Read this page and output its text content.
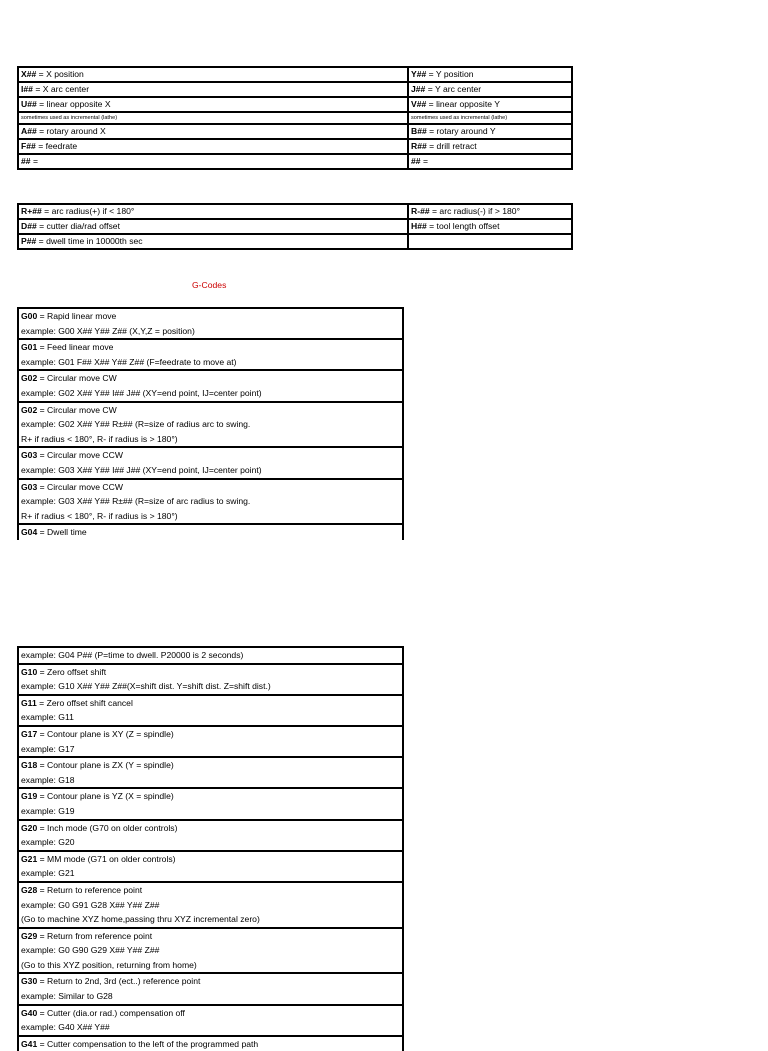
X## = X position	Y## = Y position
I## = X arc center	J## = Y arc center
U## = linear opposite X	V## = linear opposite Y
sometimes used as incremental (lathe)	sometimes used as incremental (lathe)
A## = rotary around X	B## = rotary around Y
F## = feedrate	R## = drill retract
## =	## =
R+## = arc radius(+) if < 180°	R-## = arc radius(-) if > 180°
D## = cutter dia/rad offset	H## = tool length offset
P## = dwell time in 10000th sec	
G-Codes
G00 = Rapid linear move
example: G00 X## Y## Z## (X,Y,Z = position)
G01 = Feed linear move
example: G01 F## X## Y## Z## (F=feedrate to move at)
G02 = Circular move CW
example: G02 X## Y## I## J## (XY=end point, IJ=center point)
G02 = Circular move CW
example: G02 X## Y## R±## (R=size of radius arc to swing.
R+ if radius < 180°, R- if radius is > 180°)
G03 = Circular move CCW
example: G03 X## Y## I## J## (XY=end point, IJ=center point)
G03 = Circular move CCW
example: G03 X## Y## R±## (R=size of arc radius to swing.
R+ if radius < 180°, R- if radius is > 180°)
G04 = Dwell time
example: G04 P## (P=time to dwell. P20000 is 2 seconds)
G10 = Zero offset shift
example: G10 X## Y## Z##(X=shift dist. Y=shift dist. Z=shift dist.)
G11 = Zero offset shift cancel
example: G11
G17 = Contour plane is XY (Z = spindle)
example: G17
G18 = Contour plane is ZX (Y = spindle)
example: G18
G19 = Contour plane is YZ (X = spindle)
example: G19
G20 = Inch mode (G70 on older controls)
example: G20
G21 = MM mode (G71 on older controls)
example: G21
G28 = Return to reference point
example: G0 G91 G28 X## Y## Z##
(Go to machine XYZ home,passing thru XYZ incremental zero)
G29 = Return from reference point
example: G0 G90 G29 X## Y## Z##
(Go to this XYZ position, returning from home)
G30 = Return to 2nd, 3rd (ect..) reference point
example: Similar to G28
G40 = Cutter (dia.or rad.) compensation off
example: G40 X## Y##
G41 = Cutter compensation to the left of the programmed path
